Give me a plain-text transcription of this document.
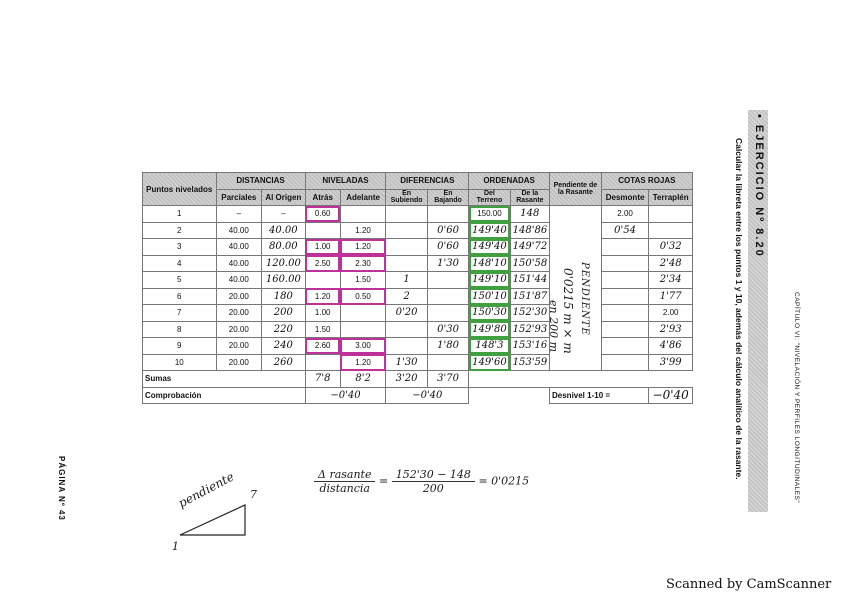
• EJERCICIO Nº 8.20
Calcular la libreta entre los puntos 1 y 10, además del cálculo analítico de la rasante.	CAPÍTULO VI: "NIVELACIÓN Y PERFILES LONGITUDINALES"
PÁGINA Nº 43
Puntos nivelados	DISTANCIAS		NIVELADAS		DIFERENCIAS		ORDENADAS		Pendiente de la Rasante	COTAS ROJAS	
	Parciales	Al Origen	Atrás	Adelante	En Subiendo	En Bajando	Del Terreno	De la Rasante		Desmonte	Terraplén
1	–	–	0.60				150.00	148		2.00	
2	40.00	40.00		1.20		0'60	149'40	148'86		0'54	
3	40.00	80.00	1.00	1.20		0'60	149'40	149'72			0'32
4	40.00	120.00	2.50	2.30		1'30	148'10	150'58			2'48
5	40.00	160.00		1.50	1		149'10	151'44			2'34
6	20.00	180	1.20	0.50	2		150'10	151'87			1'77
7	20.00	200	1.00		0'20		150'30	152'30			2.00
8	20.00	220	1.50			0'30	149'80	152'93			2'93
9	20.00	240	2.60	3.00		1'80	148'3	153'16			4'86
10	20.00	260		1.20	1'30		149'60	153'59			3'99
Sumas			7'8	8'2	3'20	3'70					
Comprobación			−0'40		−0'40				Desnivel 1-10 =		−0'40
PENDIENTE
0'0215 m × m
en 200 m
$\frac{\text{Δ rasante}}{\text{distancia}} = \frac{152'30 - 148}{200} = 0'0215$
pendiente 7
1
Scanned by CamScanner
